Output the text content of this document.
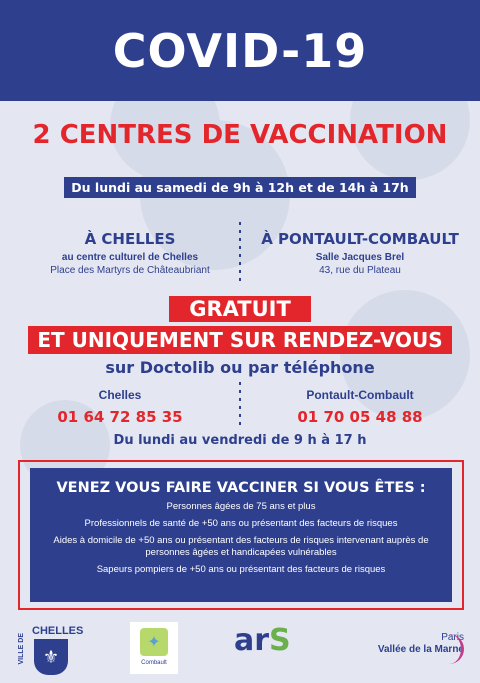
COVID-19
2 CENTRES DE VACCINATION
Du lundi au samedi de 9h à 12h et de 14h à 17h
À CHELLES
au centre culturel de Chelles
Place des Martyrs de Châteaubriant
À PONTAULT-COMBAULT
Salle Jacques Brel
43, rue du Plateau
GRATUIT
ET UNIQUEMENT SUR RENDEZ-VOUS
sur Doctolib ou par téléphone
Chelles
01 64 72 85 35
Pontault-Combault
01 70 05 48 88
Du lundi au vendredi de 9 h à 17 h
VENEZ VOUS FAIRE VACCINER SI VOUS ÊTES :

Personnes âgées de 75 ans et plus

Professionnels de santé de +50 ans ou présentant des facteurs de risques

Aides à domicile de +50 ans ou présentant des facteurs de risques intervenant auprès de personnes âgées et handicapées vulnérables

Sapeurs pompiers de +50 ans ou présentant des facteurs de risques

VILLE DE
CHELLES
⚜
✦
Combault
arS	Paris
Vallée de la Marne
